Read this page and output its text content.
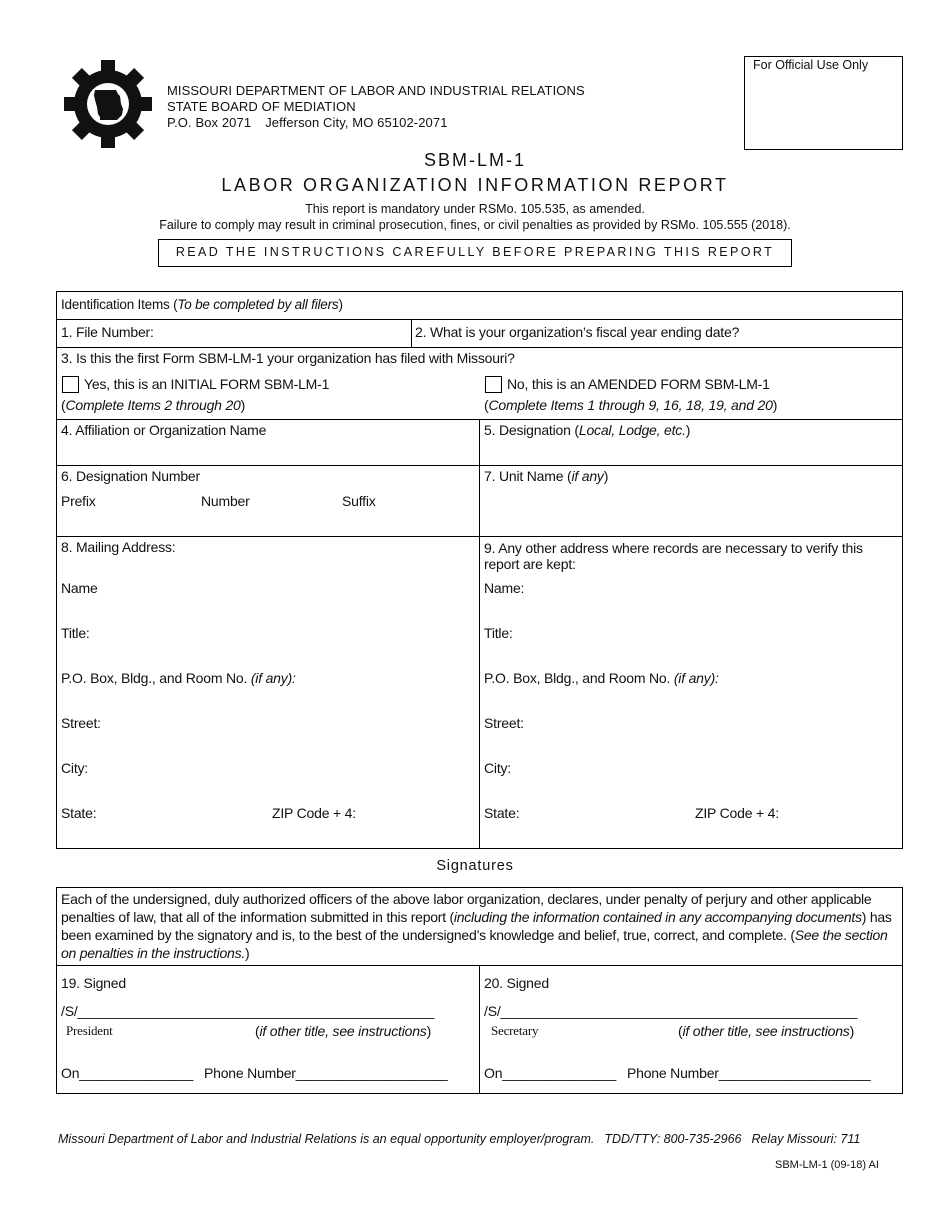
MISSOURI DEPARTMENT OF LABOR AND INDUSTRIAL RELATIONS
STATE BOARD OF MEDIATION
P.O. Box 2071 Jefferson City, MO 65102-2071
For Official Use Only
SBM-LM-1
LABOR ORGANIZATION INFORMATION REPORT
This report is mandatory under RSMo. 105.535, as amended.
Failure to comply may result in criminal prosecution, fines, or civil penalties as provided by RSMo. 105.555 (2018).
READ THE INSTRUCTIONS CAREFULLY BEFORE PREPARING THIS REPORT
Identification Items (To be completed by all filers)
1. File Number:	2. What is your organization’s fiscal year ending date?
3. Is this the first Form SBM-LM-1 your organization has filed with Missouri?
Yes, this is an INITIAL FORM SBM-LM-1
(Complete Items 2 through 20)
No, this is an AMENDED FORM SBM-LM-1
(Complete Items 1 through 9, 16, 18, 19, and 20)
4. Affiliation or Organization Name	5. Designation (Local, Lodge, etc.)
6. Designation Number
Prefix	Number	Suffix
7. Unit Name (if any)
8. Mailing Address:
Name
Title:
P.O. Box, Bldg., and Room No. (if any):
Street:
City:
State:	ZIP Code + 4:
9. Any other address where records are necessary to verify this report are kept:
Name:
Title:
P.O. Box, Bldg., and Room No. (if any):
Street:
City:
State:	ZIP Code + 4:
Signatures
Each of the undersigned, duly authorized officers of the above labor organization, declares, under penalty of perjury and other applicable penalties of law, that all of the information submitted in this report (including the information contained in any accompanying documents) has been examined by the signatory and is, to the best of the undersigned’s knowledge and belief, true, correct, and complete. (See the section on penalties in the instructions.)
19. Signed
/S/_______________________________________________
President	(if other title, see instructions)
On_______________ Phone Number____________________
20. Signed
/S/_______________________________________________
Secretary	(if other title, see instructions)
On_______________ Phone Number____________________
Missouri Department of Labor and Industrial Relations is an equal opportunity employer/program. TDD/TTY: 800-735-2966 Relay Missouri: 711
SBM-LM-1 (09-18) AI
